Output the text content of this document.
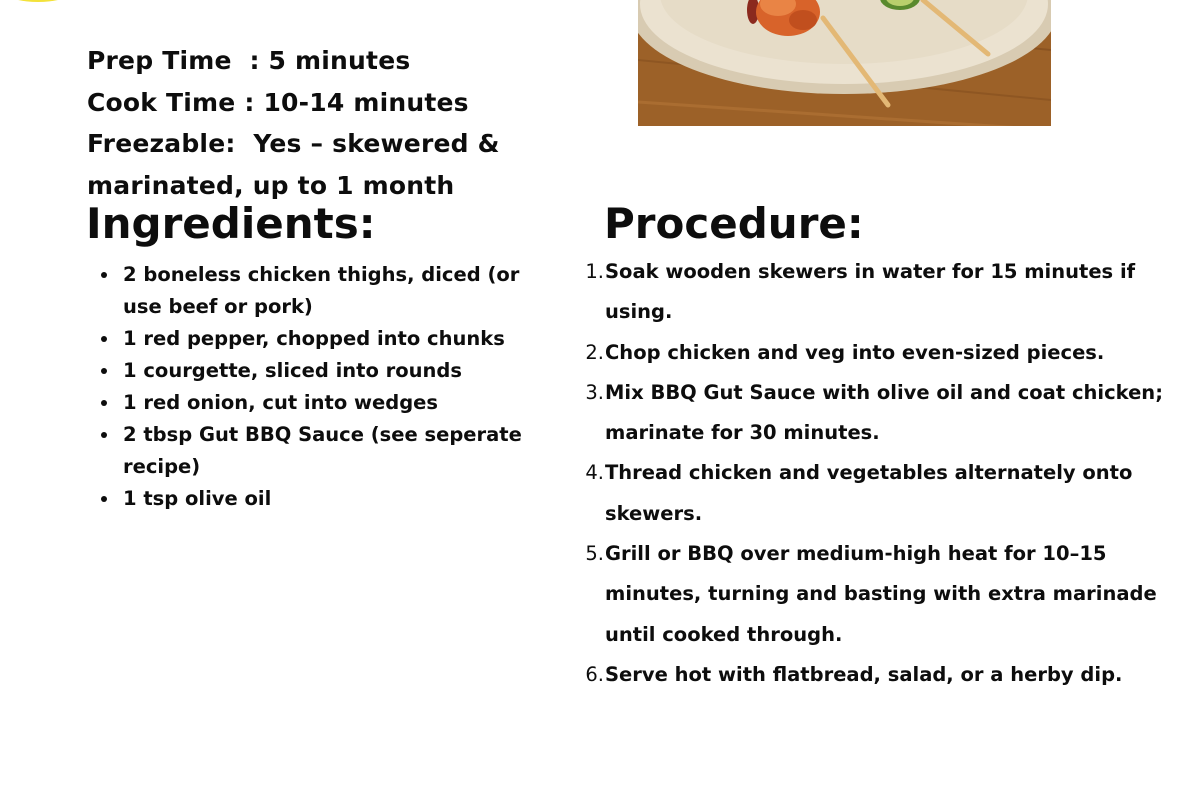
Prep Time  : 5 minutes
Cook Time : 10-14 minutes
Freezable:  Yes – skewered & marinated, up to 1 month
Ingredients:
2 boneless chicken thighs, diced (or use beef or pork)
1 red pepper, chopped into chunks
1 courgette, sliced into rounds
1 red onion, cut into wedges
2 tbsp Gut BBQ Sauce (see seperate recipe)
1 tsp olive oil
Procedure:
1. Soak wooden skewers in water for 15 minutes if using.
2. Chop chicken and veg into even-sized pieces.
3. Mix BBQ Gut Sauce with olive oil and coat chicken; marinate for 30 minutes.
4. Thread chicken and vegetables alternately onto skewers.
5. Grill or BBQ over medium-high heat for 10–15 minutes, turning and basting with extra marinade until cooked through.
6. Serve hot with flatbread, salad, or a herby dip.
